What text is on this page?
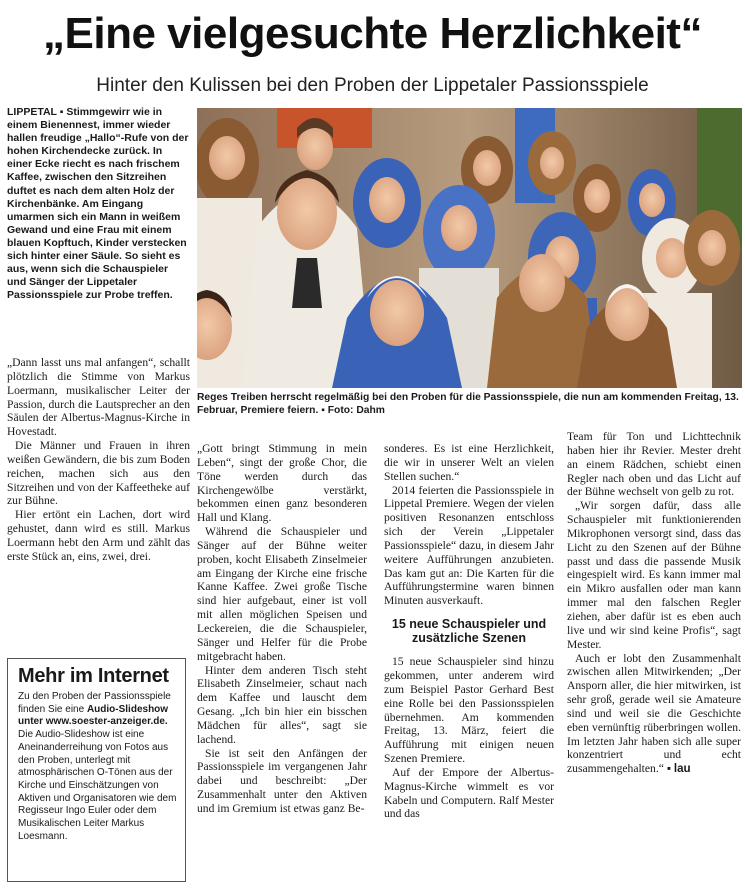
„Eine vielgesuchte Herzlichkeit“
Hinter den Kulissen bei den Proben der Lippetaler Passionsspiele
LIPPETAL ▪ Stimmgewirr wie in einem Bienennest, immer wieder hallen freudige „Hallo“-Rufe von der hohen Kirchendecke zurück. In einer Ecke riecht es nach frischem Kaffee, zwischen den Sitzreihen duftet es nach dem alten Holz der Kirchenbänke. Am Eingang umarmen sich ein Mann in weißem Gewand und eine Frau mit einem blauen Kopftuch, Kinder verstecken sich hinter einer Säule. So sieht es aus, wenn sich die Schauspieler und Sänger der Lippetaler Passionsspiele zur Probe treffen.
Reges Treiben herrscht regelmäßig bei den Proben für die Passionsspiele, die nun am kommenden Freitag, 13. Februar, Premiere feiern. ▪ Foto: Dahm

„Dann lasst uns mal anfangen“, schallt plötzlich die Stimme von Markus Loermann, musikalischer Leiter der Passion, durch die Lautsprecher an den Säulen der Albertus-Magnus-Kirche in Hovestadt.

Die Männer und Frauen in ihren weißen Gewändern, die bis zum Boden reichen, machen sich aus den Sitzreihen und von der Kaffeetheke auf zur Bühne.

Hier ertönt ein Lachen, dort wird gehustet, dann wird es still. Markus Loermann hebt den Arm und zählt das erste Stück an, eins, zwei, drei.

Mehr im Internet
Zu den Proben der Passionsspiele finden Sie eine Audio-Slideshow unter www.soester-anzeiger.de. Die Audio-Slideshow ist eine Aneinanderreihung von Fotos aus den Proben, unterlegt mit atmosphärischen O-Tönen aus der Kirche und Einschätzungen von Aktiven und Organisatoren wie dem Regisseur Ingo Euler oder dem Musikalischen Leiter Markus Loesmann.

„Gott bringt Stimmung in mein Leben“, singt der große Chor, die Töne werden durch das Kirchengewölbe verstärkt, bekommen einen ganz besonderen Hall und Klang.

Während die Schauspieler und Sänger auf der Bühne weiter proben, kocht Elisabeth Zinselmeier am Eingang der Kirche eine frische Kanne Kaffee. Zwei große Tische sind hier aufgebaut, einer ist voll mit allen möglichen Speisen und Leckereien, die die Schauspieler, Sänger und Helfer für die Probe mitgebracht haben.

Hinter dem anderen Tisch steht Elisabeth Zinselmeier, schaut nach dem Kaffee und lauscht dem Gesang. „Ich bin hier ein bisschen Mädchen für alles“, sagt sie lachend.

Sie ist seit den Anfängen der Passionsspiele im vergangenen Jahr dabei und beschreibt: „Der Zusammenhalt unter den Aktiven und im Gremium ist etwas ganz Be-

sonderes. Es ist eine Herzlichkeit, die wir in unserer Welt an vielen Stellen suchen.“

2014 feierten die Passionsspiele in Lippetal Premiere. Wegen der vielen positiven Resonanzen entschloss sich der Verein „Lippetaler Passionsspiele“ dazu, in diesem Jahr weitere Aufführungen anzubieten. Das kam gut an: Die Karten für die Aufführungstermine waren binnen Minuten ausverkauft.

15 neue Schauspieler und zusätzliche Szenen

15 neue Schauspieler sind hinzu gekommen, unter anderem wird zum Beispiel Pastor Gerhard Best eine Rolle bei den Passionsspielen übernehmen. Am kommenden Freitag, 13. März, feiert die Aufführung mit einigen neuen Szenen Premiere.

Auf der Empore der Albertus-Magnus-Kirche wimmelt es vor Kabeln und Computern. Ralf Mester und das

Team für Ton und Lichttechnik haben hier ihr Revier. Mester dreht an einem Rädchen, schiebt einen Regler nach oben und das Licht auf der Bühne wechselt von gelb zu rot.

„Wir sorgen dafür, dass alle Schauspieler mit funktionierenden Mikrophonen versorgt sind, dass das Licht zu den Szenen auf der Bühne passt und dass die passende Musik eingespielt wird. Es kann immer mal ein Mikro ausfallen oder man kann immer mal den falschen Regler ziehen, aber dafür ist es eben auch live und wir sind keine Profis“, sagt Mester.

Auch er lobt den Zusammenhalt zwischen allen Mitwirkenden; „Der Ansporn aller, die hier mitwirken, ist sehr groß, gerade weil sie Amateure sind und weil sie die Geschichte eben vernünftig rüberbringen wollen. Im letzten Jahr haben sich alle super konzentriert und echt zusammengehalten.“ ▪ lau
